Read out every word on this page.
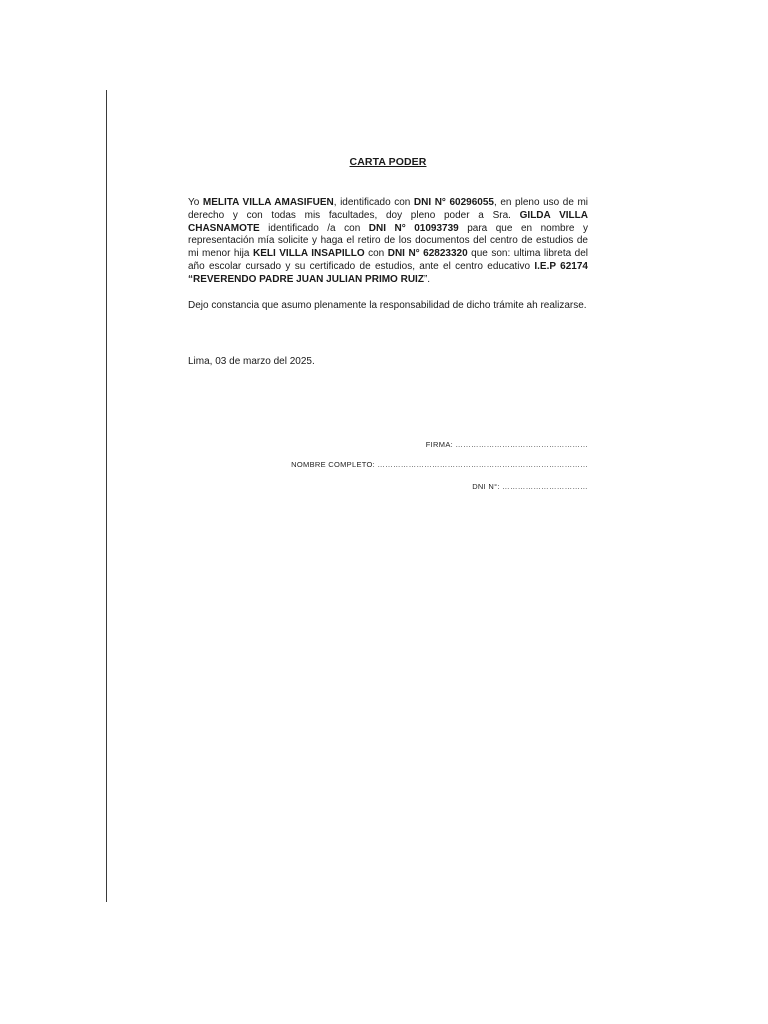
CARTA PODER

Yo MELITA VILLA AMASIFUEN, identificado con DNI N° 60296055, en pleno uso de mi derecho y con todas mis facultades, doy pleno poder a Sra. GILDA VILLA CHASNAMOTE identificado /a con DNI N° 01093739 para que en nombre y representación mía solicite y haga el retiro de los documentos del centro de estudios de mi menor hija KELI VILLA INSAPILLO con DNI N° 62823320 que son: ultima libreta del año escolar cursado y su certificado de estudios, ante el centro educativo I.E.P 62174 “REVERENDO PADRE JUAN JULIAN PRIMO RUIZ”.

Dejo constancia que asumo plenamente la responsabilidad de dicho trámite ah realizarse.

Lima, 03 de marzo del 2025.

FIRMA: ……………………………………………
NOMBRE COMPLETO: ………………………………………………………………………
DNI N°: ……………………………
